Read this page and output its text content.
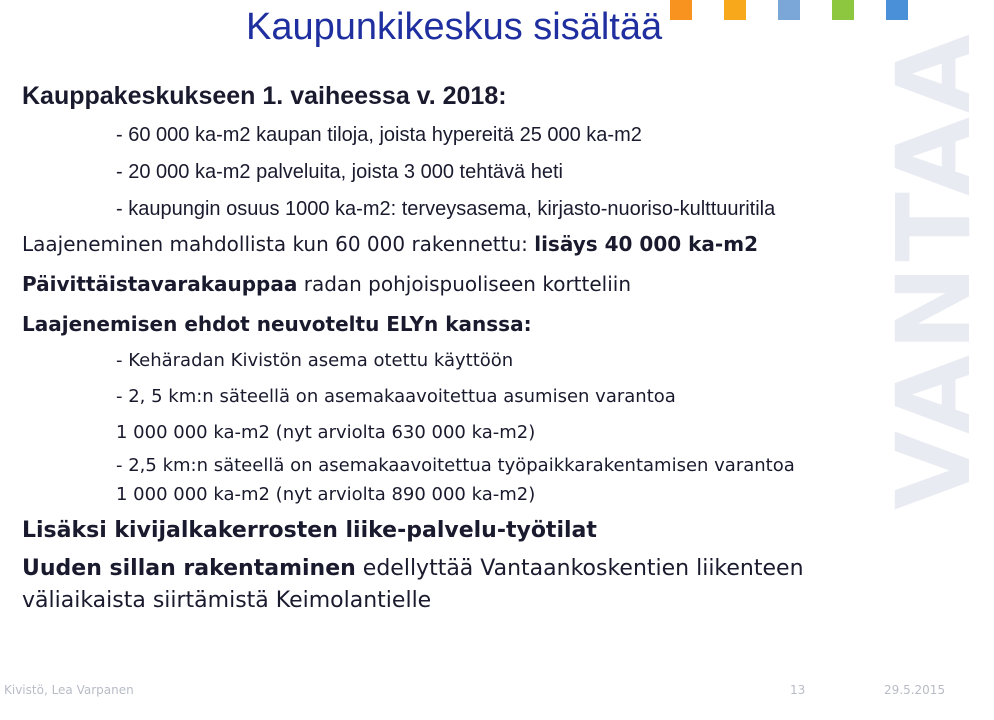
VANTAA
Kaupunkikeskus sisältää
Kauppakeskukseen 1. vaiheessa v. 2018:
- 60 000 ka-m2 kaupan tiloja, joista hypereitä 25 000 ka-m2
- 20 000 ka-m2 palveluita, joista 3 000 tehtävä heti
- kaupungin osuus 1000 ka-m2: terveysasema, kirjasto-nuoriso-kulttuuritila
Laajeneminen mahdollista kun 60 000 rakennettu: lisäys 40 000 ka-m2
Päivittäistavarakauppaa radan pohjoispuoliseen kortteliin
Laajenemisen ehdot neuvoteltu ELYn kanssa:
- Kehäradan Kivistön asema otettu käyttöön
- 2, 5 km:n säteellä on asemakaavoitettua asumisen varantoa
1 000 000 ka-m2 (nyt arviolta 630 000 ka-m2)
- 2,5 km:n säteellä on asemakaavoitettua työpaikkarakentamisen varantoa
1 000 000 ka-m2 (nyt arviolta 890 000 ka-m2)
Lisäksi kivijalkakerrosten liike-palvelu-työtilat
Uuden sillan rakentaminen edellyttää Vantaankoskentien liikenteen
väliaikaista siirtämistä Keimolantielle
Kivistö, Lea Varpanen	13	29.5.2015
